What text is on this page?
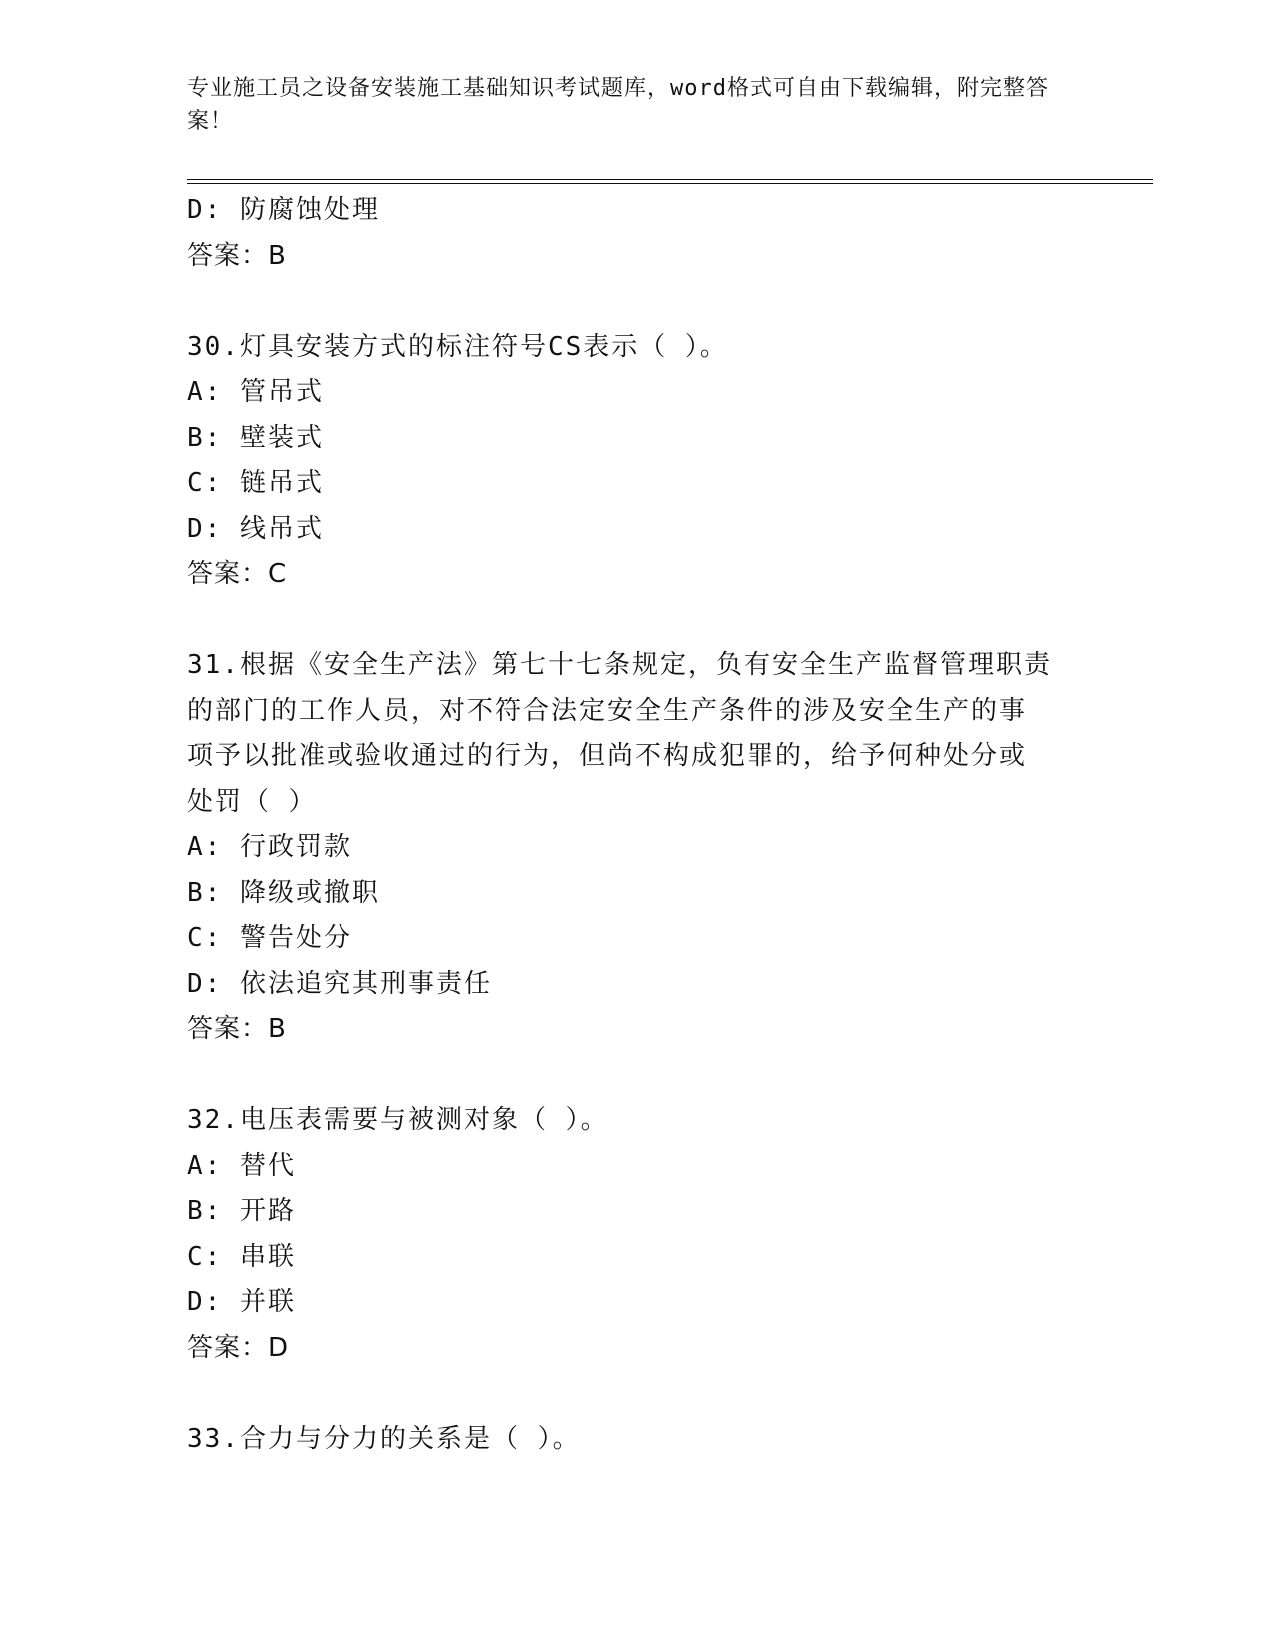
专业施工员之设备安装施工基础知识考试题库，word格式可自由下载编辑，附完整答案！

D: 防腐蚀处理

答案：B

30.灯具安装方式的标注符号CS表示（ ）。

A: 管吊式

B: 壁装式

C: 链吊式

D: 线吊式

答案：C

31.根据《安全生产法》第七十七条规定，负有安全生产监督管理职责

的部门的工作人员，对不符合法定安全生产条件的涉及安全生产的事

项予以批准或验收通过的行为，但尚不构成犯罪的，给予何种处分或

处罚（ ）

A: 行政罚款

B: 降级或撤职

C: 警告处分

D: 依法追究其刑事责任

答案：B

32.电压表需要与被测对象（ ）。

A: 替代

B: 开路

C: 串联

D: 并联

答案：D

33.合力与分力的关系是（ ）。
